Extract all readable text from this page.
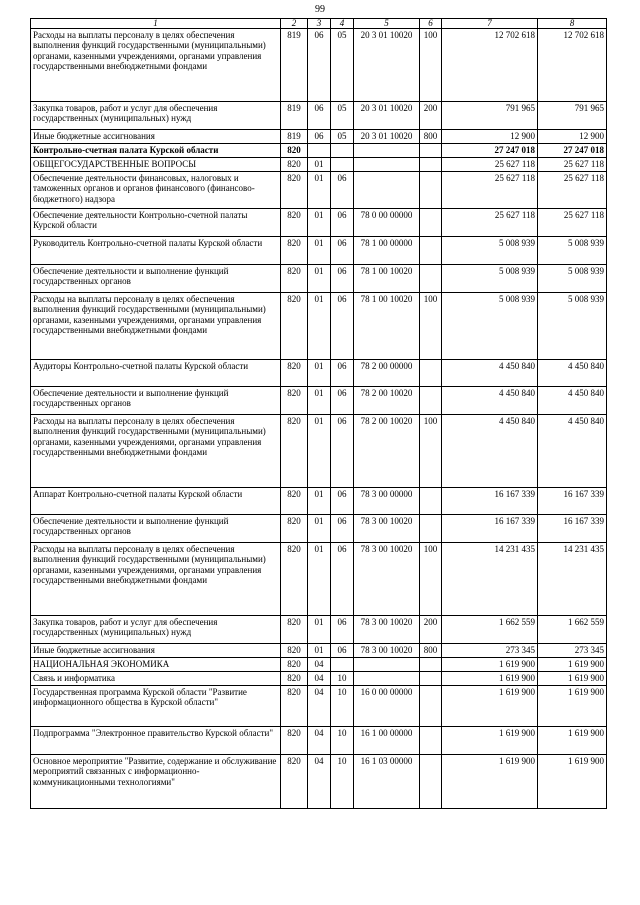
99
1	2	3	4	5	6	7	8
Расходы на выплаты персоналу в целях обеспечения выполнения функций государственными (муниципальными) органами, казенными учреждениями, органами управления государственными внебюджетными фондами	819	06	05	20 3 01 10020	100	12 702 618	12 702 618
Закупка товаров, работ и услуг для обеспечения государственных (муниципальных) нужд	819	06	05	20 3 01 10020	200	791 965	791 965
Иные бюджетные ассигнования	819	06	05	20 3 01 10020	800	12 900	12 900
Контрольно-счетная палата Курской области	820					27 247 018	27 247 018
ОБЩЕГОСУДАРСТВЕННЫЕ ВОПРОСЫ	820	01				25 627 118	25 627 118
Обеспечение деятельности финансовых, налоговых и таможенных органов и органов финансового (финансово-бюджетного) надзора	820	01	06			25 627 118	25 627 118
Обеспечение деятельности Контрольно-счетной палаты Курской области	820	01	06	78 0 00 00000		25 627 118	25 627 118
Руководитель Контрольно-счетной палаты Курской области	820	01	06	78 1 00 00000		5 008 939	5 008 939
Обеспечение деятельности и выполнение функций государственных органов	820	01	06	78 1 00 10020		5 008 939	5 008 939
Расходы на выплаты персоналу в целях обеспечения выполнения функций государственными (муниципальными) органами, казенными учреждениями, органами управления государственными внебюджетными фондами	820	01	06	78 1 00 10020	100	5 008 939	5 008 939
Аудиторы Контрольно-счетной палаты Курской области	820	01	06	78 2 00 00000		4 450 840	4 450 840
Обеспечение деятельности и выполнение функций государственных органов	820	01	06	78 2 00 10020		4 450 840	4 450 840
Расходы на выплаты персоналу в целях обеспечения выполнения функций государственными (муниципальными) органами, казенными учреждениями, органами управления государственными внебюджетными фондами	820	01	06	78 2 00 10020	100	4 450 840	4 450 840
Аппарат Контрольно-счетной палаты Курской области	820	01	06	78 3 00 00000		16 167 339	16 167 339
Обеспечение деятельности и выполнение функций государственных органов	820	01	06	78 3 00 10020		16 167 339	16 167 339
Расходы на выплаты персоналу в целях обеспечения выполнения функций государственными (муниципальными) органами, казенными учреждениями, органами управления государственными внебюджетными фондами	820	01	06	78 3 00 10020	100	14 231 435	14 231 435
Закупка товаров, работ и услуг для обеспечения государственных (муниципальных) нужд	820	01	06	78 3 00 10020	200	1 662 559	1 662 559
Иные бюджетные ассигнования	820	01	06	78 3 00 10020	800	273 345	273 345
НАЦИОНАЛЬНАЯ ЭКОНОМИКА	820	04				1 619 900	1 619 900
Связь и информатика	820	04	10			1 619 900	1 619 900
Государственная программа Курской области "Развитие информационного общества в Курской области"	820	04	10	16 0 00 00000		1 619 900	1 619 900
Подпрограмма "Электронное правительство Курской области"	820	04	10	16 1 00 00000		1 619 900	1 619 900
Основное мероприятие "Развитие, содержание и обслуживание мероприятий связанных с информационно-коммуникационными технологиями"	820	04	10	16 1 03 00000		1 619 900	1 619 900
